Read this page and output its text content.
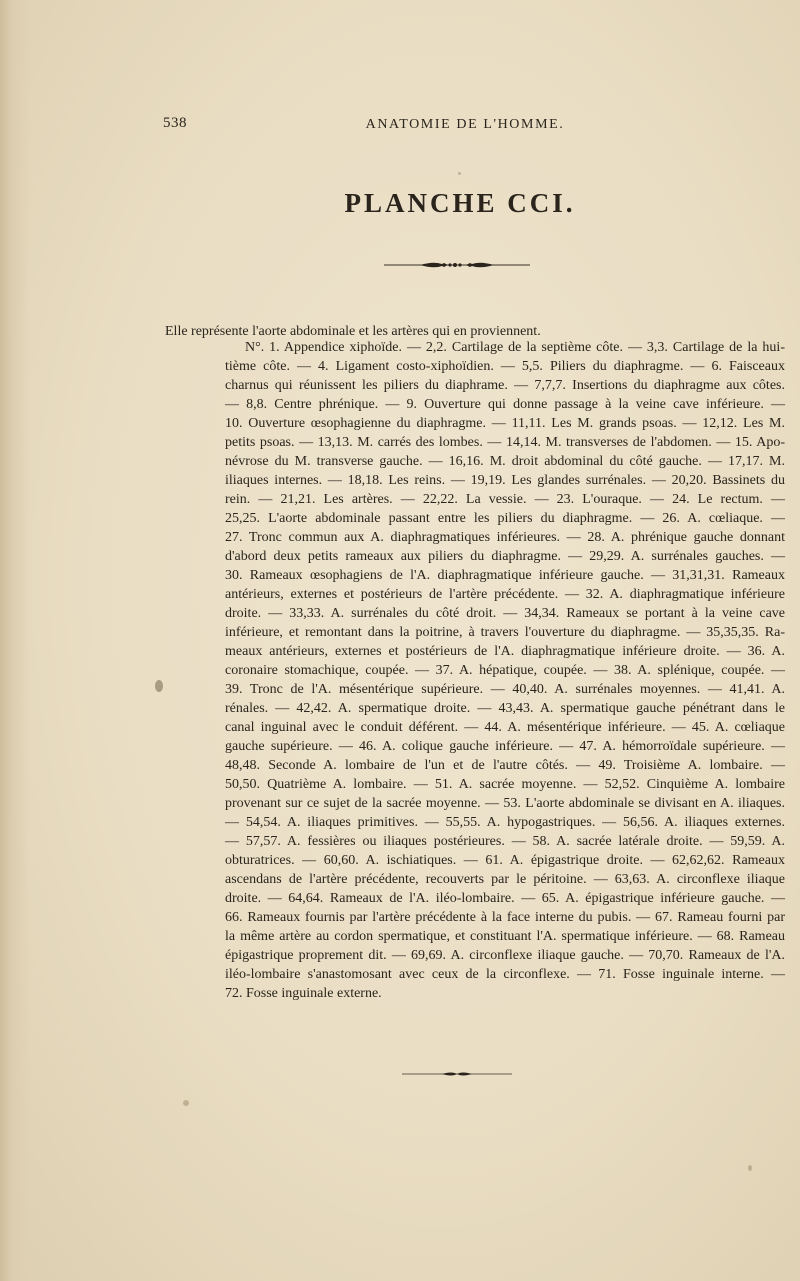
538	ANATOMIE DE L'HOMME.
PLANCHE CCI.
Elle représente l'aorte abdominale et les artères qui en proviennent.
N°. 1. Appendice xiphoïde. — 2,2. Cartilage de la septième côte. — 3,3. Cartilage de la hui-
tième côte. — 4. Ligament costo-xiphoïdien. — 5,5. Piliers du diaphragme. — 6. Faisceaux
charnus qui réunissent les piliers du diaphrame. — 7,7,7. Insertions du diaphragme aux côtes.
— 8,8. Centre phrénique. — 9. Ouverture qui donne passage à la veine cave inférieure. —
10. Ouverture œsophagienne du diaphragme. — 11,11. Les M. grands psoas. — 12,12. Les M.
petits psoas. — 13,13. M. carrés des lombes. — 14,14. M. transverses de l'abdomen. — 15. Apo-
névrose du M. transverse gauche. — 16,16. M. droit abdominal du côté gauche. — 17,17. M.
iliaques internes. — 18,18. Les reins. — 19,19. Les glandes surrénales. — 20,20. Bassinets du
rein. — 21,21. Les artères. — 22,22. La vessie. — 23. L'ouraque. — 24. Le rectum. —
25,25. L'aorte abdominale passant entre les piliers du diaphragme. — 26. A. cœliaque. —
27. Tronc commun aux A. diaphragmatiques inférieures. — 28. A. phrénique gauche donnant
d'abord deux petits rameaux aux piliers du diaphragme. — 29,29. A. surrénales gauches. —
30. Rameaux œsophagiens de l'A. diaphragmatique inférieure gauche. — 31,31,31. Rameaux
antérieurs, externes et postérieurs de l'artère précédente. — 32. A. diaphragmatique inférieure
droite. — 33,33. A. surrénales du côté droit. — 34,34. Rameaux se portant à la veine cave
inférieure, et remontant dans la poitrine, à travers l'ouverture du diaphragme. — 35,35,35. Ra-
meaux antérieurs, externes et postérieurs de l'A. diaphragmatique inférieure droite. — 36. A.
coronaire stomachique, coupée. — 37. A. hépatique, coupée. — 38. A. splénique, coupée. —
39. Tronc de l'A. mésentérique supérieure. — 40,40. A. surrénales moyennes. — 41,41. A.
rénales. — 42,42. A. spermatique droite. — 43,43. A. spermatique gauche pénétrant dans le
canal inguinal avec le conduit déférent. — 44. A. mésentérique inférieure. — 45. A. cœliaque
gauche supérieure. — 46. A. colique gauche inférieure. — 47. A. hémorroïdale supérieure. —
48,48. Seconde A. lombaire de l'un et de l'autre côtés. — 49. Troisième A. lombaire. —
50,50. Quatrième A. lombaire. — 51. A. sacrée moyenne. — 52,52. Cinquième A. lombaire
provenant sur ce sujet de la sacrée moyenne. — 53. L'aorte abdominale se divisant en A. iliaques.
— 54,54. A. iliaques primitives. — 55,55. A. hypogastriques. — 56,56. A. iliaques externes.
— 57,57. A. fessières ou iliaques postérieures. — 58. A. sacrée latérale droite. — 59,59. A.
obturatrices. — 60,60. A. ischiatiques. — 61. A. épigastrique droite. — 62,62,62. Rameaux
ascendans de l'artère précédente, recouverts par le péritoine. — 63,63. A. circonflexe iliaque
droite. — 64,64. Rameaux de l'A. iléo-lombaire. — 65. A. épigastrique inférieure gauche. —
66. Rameaux fournis par l'artère précédente à la face interne du pubis. — 67. Rameau fourni par
la même artère au cordon spermatique, et constituant l'A. spermatique inférieure. — 68. Rameau
épigastrique proprement dit. — 69,69. A. circonflexe iliaque gauche. — 70,70. Rameaux de l'A.
iléo-lombaire s'anastomosant avec ceux de la circonflexe. — 71. Fosse inguinale interne. —
72. Fosse inguinale externe.
